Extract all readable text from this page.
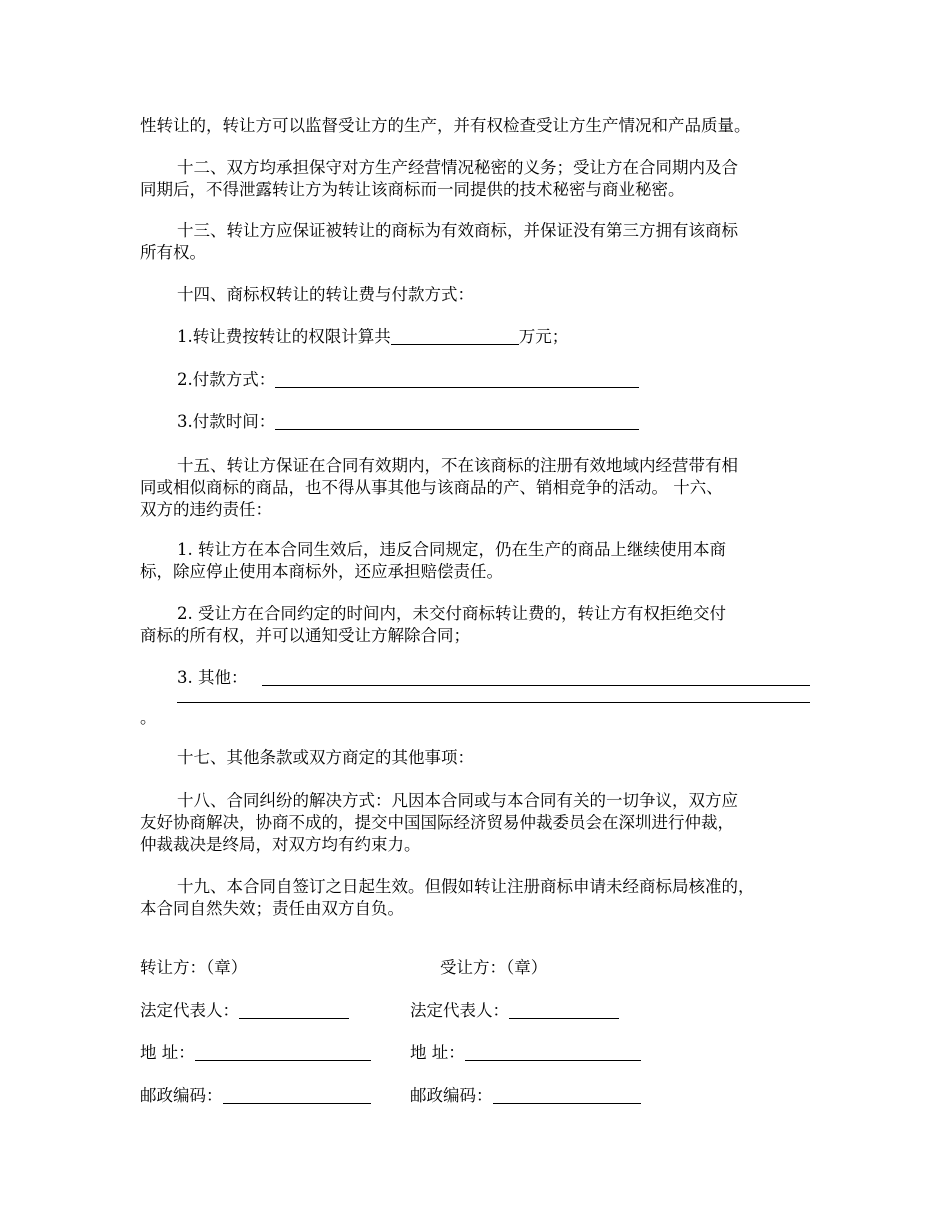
性转让的，转让方可以监督受让方的生产，并有权检查受让方生产情况和产品质量。
十二、双方均承担保守对方生产经营情况秘密的义务；受让方在合同期内及合
同期后，不得泄露转让方为转让该商标而一同提供的技术秘密与商业秘密。
十三、转让方应保证被转让的商标为有效商标，并保证没有第三方拥有该商标
所有权。
十四、商标权转让的转让费与付款方式：
1.转让费按转让的权限计算共	万元；
2.付款方式：
3.付款时间：
十五、转让方保证在合同有效期内，不在该商标的注册有效地域内经营带有相
同或相似商标的商品，也不得从事其他与该商品的产、销相竞争的活动。 十六、
双方的违约责任：
1. 转让方在本合同生效后，违反合同规定，仍在生产的商品上继续使用本商
标，除应停止使用本商标外，还应承担赔偿责任。
2. 受让方在合同约定的时间内，未交付商标转让费的，转让方有权拒绝交付
商标的所有权，并可以通知受让方解除合同；
3. 其他：
。
十七、其他条款或双方商定的其他事项：
十八、合同纠纷的解决方式：凡因本合同或与本合同有关的一切争议，双方应
友好协商解决，协商不成的，提交中国国际经济贸易仲裁委员会在深圳进行仲裁，
仲裁裁决是终局，对双方均有约束力。
十九、本合同自签订之日起生效。但假如转让注册商标申请未经商标局核准的，
本合同自然失效；责任由双方自负。
转让方：（章）	受让方：（章）
法定代表人：	法定代表人：
地 址：	地 址：
邮政编码：	邮政编码：
